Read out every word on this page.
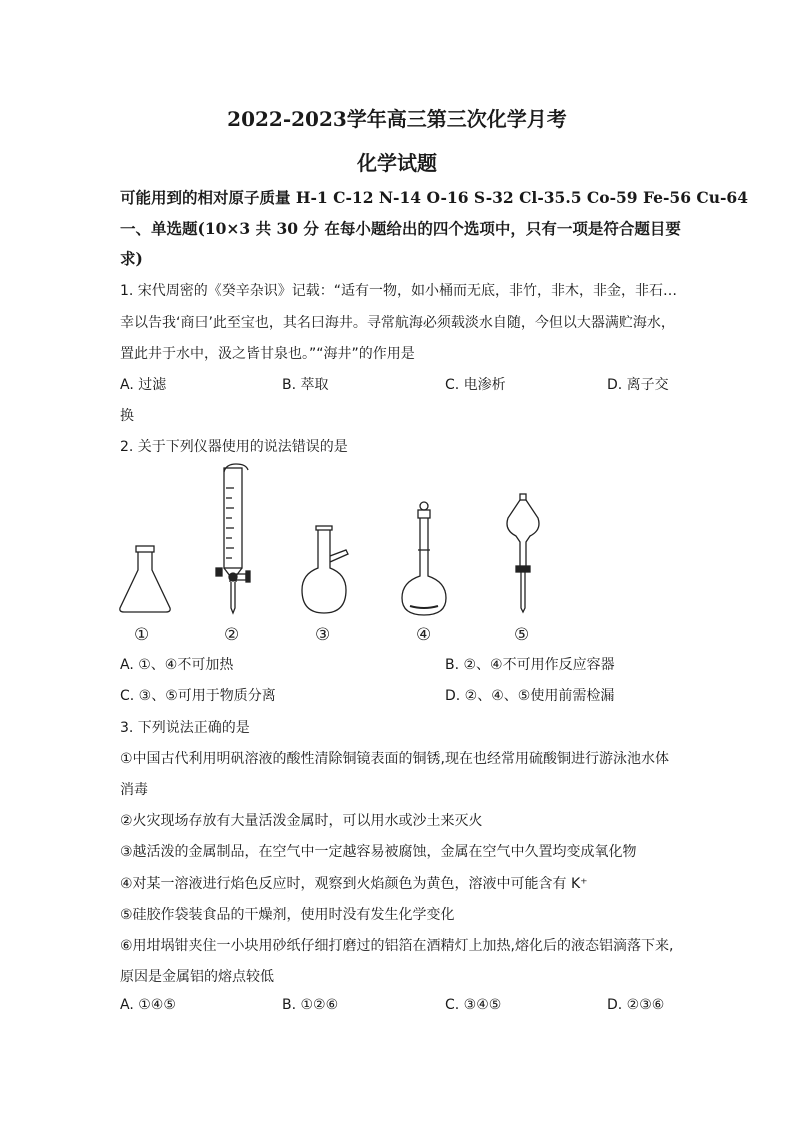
2022-2023学年高三第三次化学月考
化学试题
可能用到的相对原子质量 H-1 C-12 N-14 O-16 S-32 Cl-35.5 Co-59 Fe-56 Cu-64
一、单选题(10×3 共 30 分 在每小题给出的四个选项中，只有一项是符合题目要
求)
1. 宋代周密的《癸辛杂识》记载：“适有一物，如小桶而无底，非竹，非木，非金，非石…
幸以告我‘商曰’此至宝也，其名曰海井。寻常航海必须载淡水自随，今但以大器满贮海水，
置此井于水中，汲之皆甘泉也。”“海井”的作用是
A. 过滤	B. 萃取	C. 电渗析	D. 离子交
换
2. 关于下列仪器使用的说法错误的是
①	②	③	④	⑤
A. ①、④不可加热	B. ②、④不可用作反应容器
C. ③、⑤可用于物质分离	D. ②、④、⑤使用前需检漏
3. 下列说法正确的是
①中国古代利用明矾溶液的酸性清除铜镜表面的铜锈,现在也经常用硫酸铜进行游泳池水体
消毒
②火灾现场存放有大量活泼金属时，可以用水或沙土来灭火
③越活泼的金属制品，在空气中一定越容易被腐蚀，金属在空气中久置均变成氧化物
④对某一溶液进行焰色反应时，观察到火焰颜色为黄色，溶液中可能含有 K⁺
⑤硅胶作袋装食品的干燥剂，使用时没有发生化学变化
⑥用坩埚钳夹住一小块用砂纸仔细打磨过的铝箔在酒精灯上加热,熔化后的液态铝滴落下来,
原因是金属铝的熔点较低
A. ①④⑤	B. ①②⑥	C. ③④⑤	D. ②③⑥
